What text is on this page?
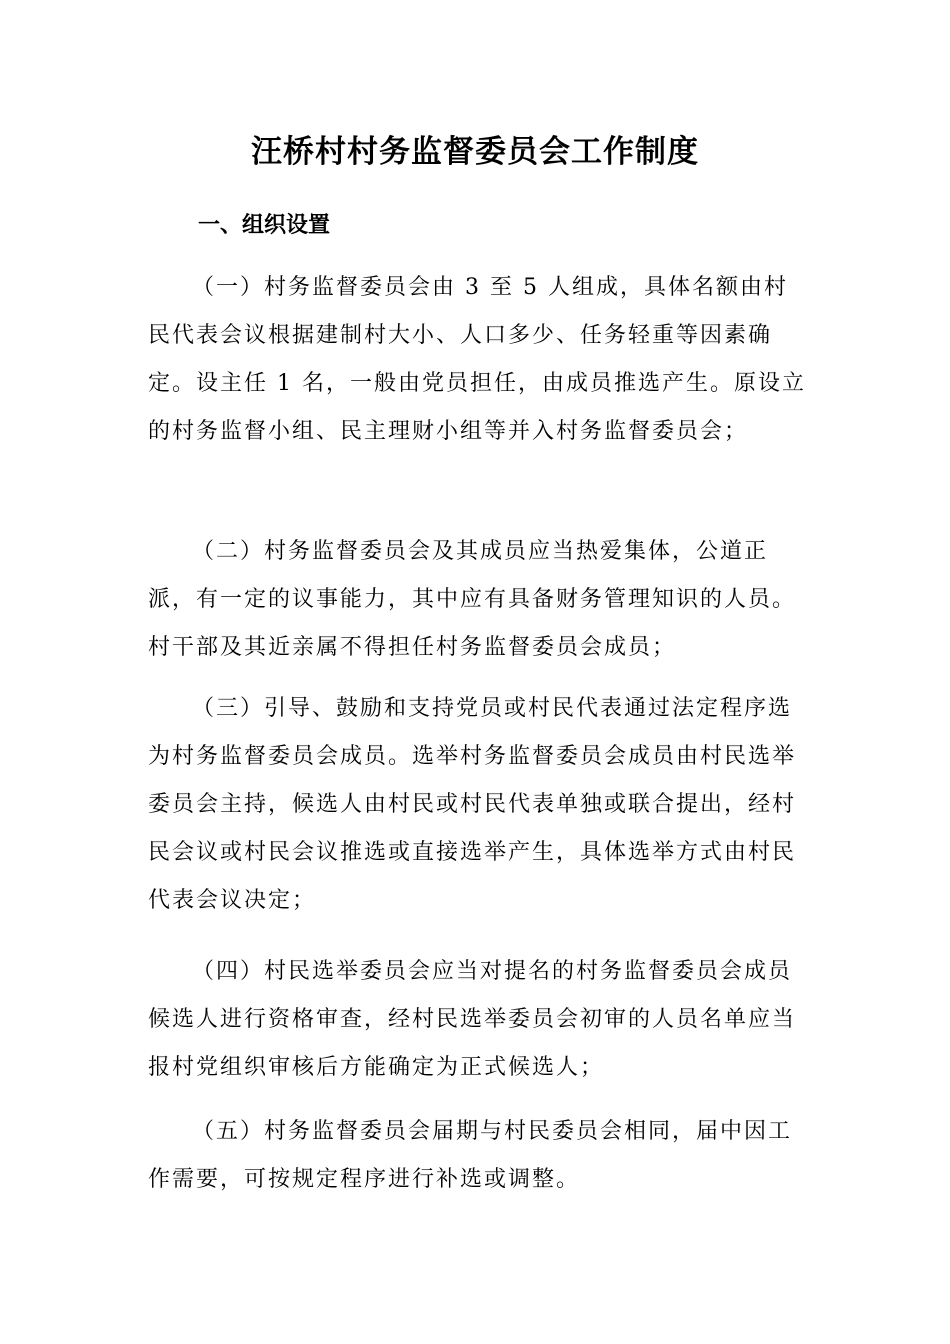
汪桥村村务监督委员会工作制度
一、组织设置

（一）村务监督委员会由 3 至 5 人组成，具体名额由村民代表会议根据建制村大小、人口多少、任务轻重等因素确定。设主任 1 名，一般由党员担任，由成员推选产生。原设立的村务监督小组、民主理财小组等并入村务监督委员会；

（二）村务监督委员会及其成员应当热爱集体，公道正派，有一定的议事能力，其中应有具备财务管理知识的人员。村干部及其近亲属不得担任村务监督委员会成员；

（三）引导、鼓励和支持党员或村民代表通过法定程序选为村务监督委员会成员。选举村务监督委员会成员由村民选举委员会主持，候选人由村民或村民代表单独或联合提出，经村民会议或村民会议推选或直接选举产生，具体选举方式由村民代表会议决定；

（四）村民选举委员会应当对提名的村务监督委员会成员候选人进行资格审查，经村民选举委员会初审的人员名单应当报村党组织审核后方能确定为正式候选人；

（五）村务监督委员会届期与村民委员会相同，届中因工作需要，可按规定程序进行补选或调整。
